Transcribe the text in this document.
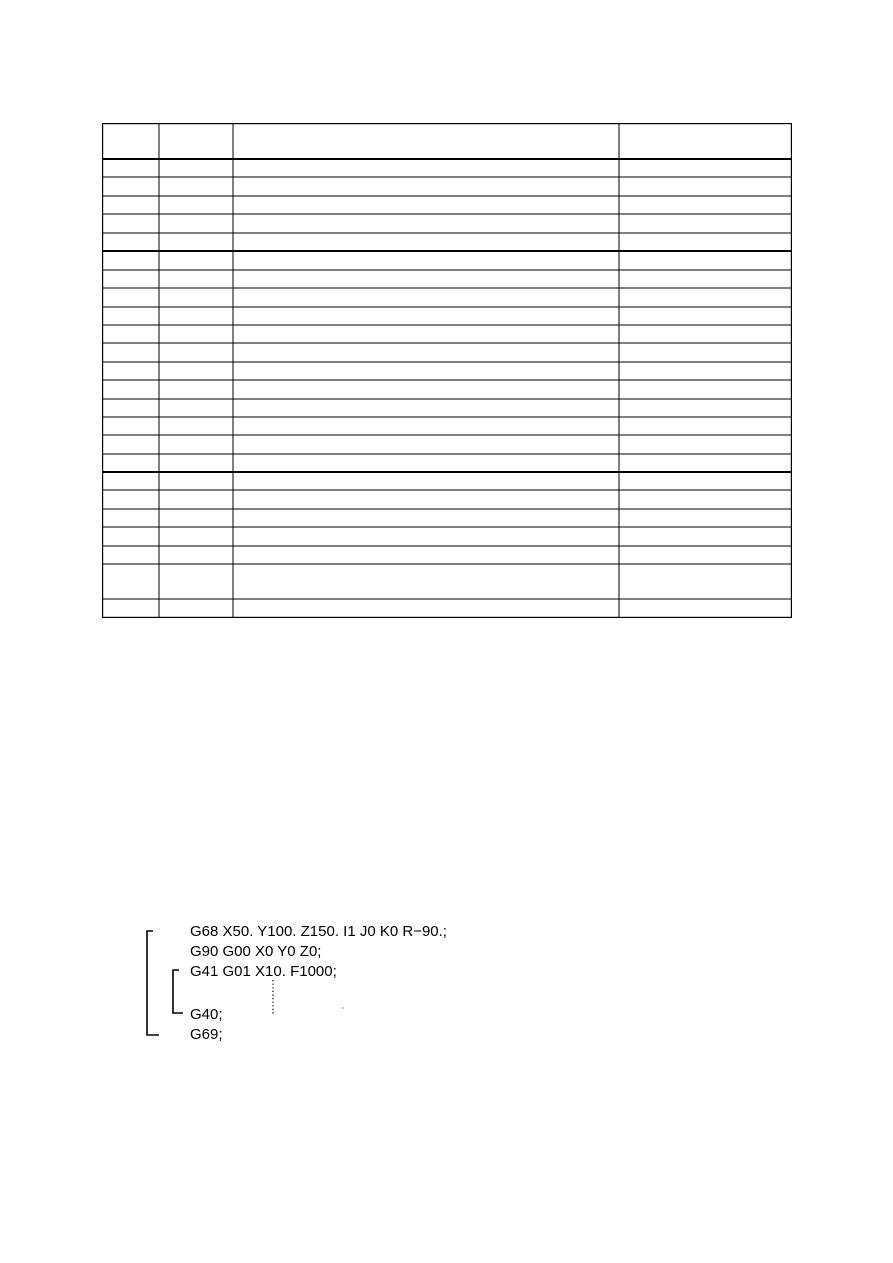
G68 X50. Y100. Z150. I1 J0 K0 R−90.;
G90 G00 X0 Y0 Z0;
G41 G01 X10. F1000;
G40;
G69;
